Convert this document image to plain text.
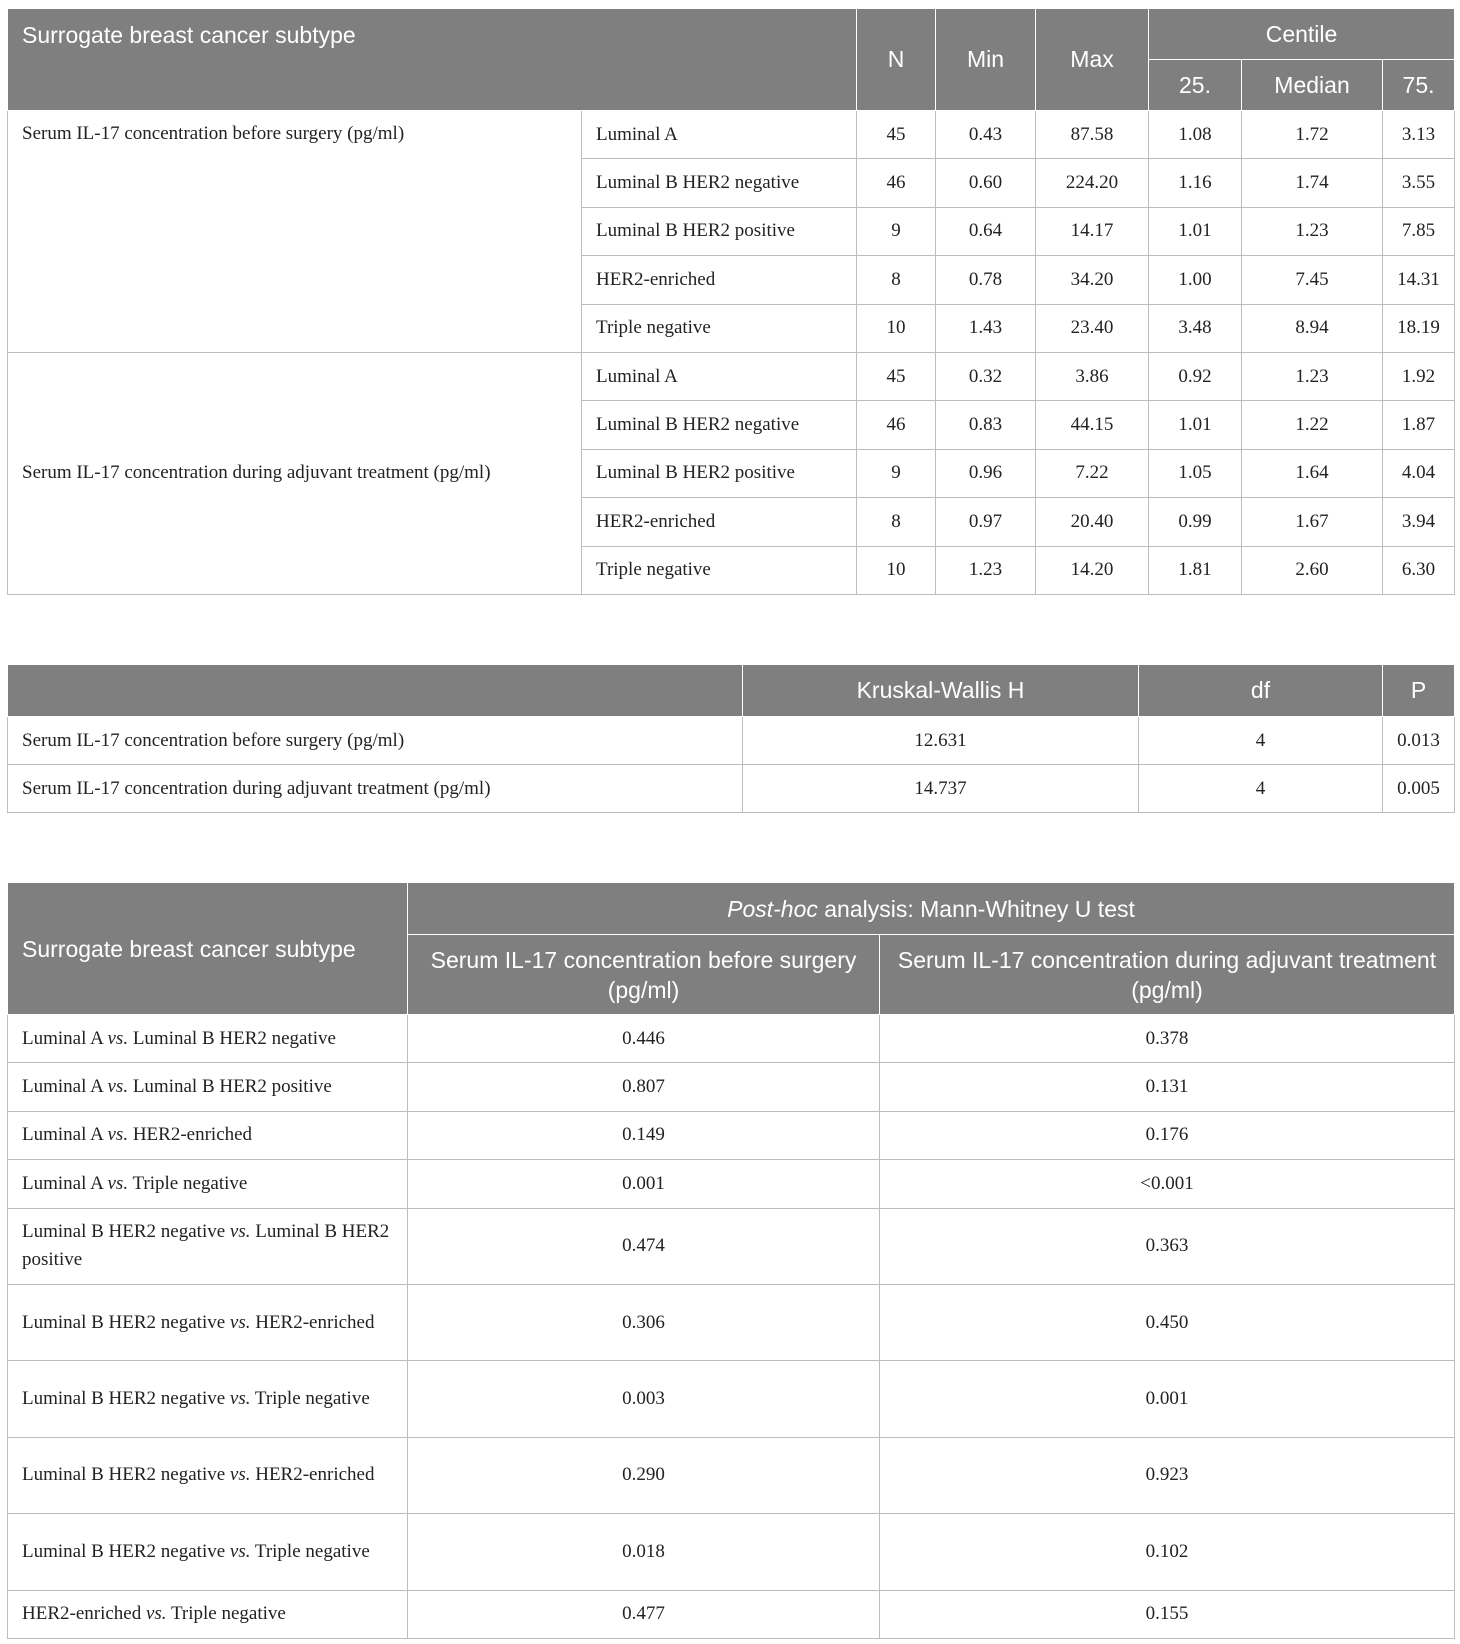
Surrogate breast cancer subtype		N	Min	Max	Centile		
					25.	Median	75.
Serum IL-17 concentration before surgery (pg/ml)	Luminal A	45	0.43	87.58	1.08	1.72	3.13
	Luminal B HER2 negative	46	0.60	224.20	1.16	1.74	3.55
	Luminal B HER2 positive	9	0.64	14.17	1.01	1.23	7.85
	HER2-enriched	8	0.78	34.20	1.00	7.45	14.31
	Triple negative	10	1.43	23.40	3.48	8.94	18.19
Serum IL-17 concentration during adjuvant treatment (pg/ml)	Luminal A	45	0.32	3.86	0.92	1.23	1.92
	Luminal B HER2 negative	46	0.83	44.15	1.01	1.22	1.87
	Luminal B HER2 positive	9	0.96	7.22	1.05	1.64	4.04
	HER2-enriched	8	0.97	20.40	0.99	1.67	3.94
	Triple negative	10	1.23	14.20	1.81	2.60	6.30
	Kruskal-Wallis H	df	P
Serum IL-17 concentration before surgery (pg/ml)	12.631	4	0.013
Serum IL-17 concentration during adjuvant treatment (pg/ml)	14.737	4	0.005
Surrogate breast cancer subtype	Post-hoc analysis: Mann-Whitney U test	
	Serum IL-17 concentration before surgery (pg/ml)	Serum IL-17 concentration during adjuvant treatment (pg/ml)
Luminal A vs. Luminal B HER2 negative	0.446	0.378
Luminal A vs. Luminal B HER2 positive	0.807	0.131
Luminal A vs. HER2-enriched	0.149	0.176
Luminal A vs. Triple negative	0.001	<0.001
Luminal B HER2 negative vs. Luminal B HER2 positive	0.474	0.363
Luminal B HER2 negative vs. HER2-enriched	0.306	0.450
Luminal B HER2 negative vs. Triple negative	0.003	0.001
Luminal B HER2 negative vs. HER2-enriched	0.290	0.923
Luminal B HER2 negative vs. Triple negative	0.018	0.102
HER2-enriched vs. Triple negative	0.477	0.155
